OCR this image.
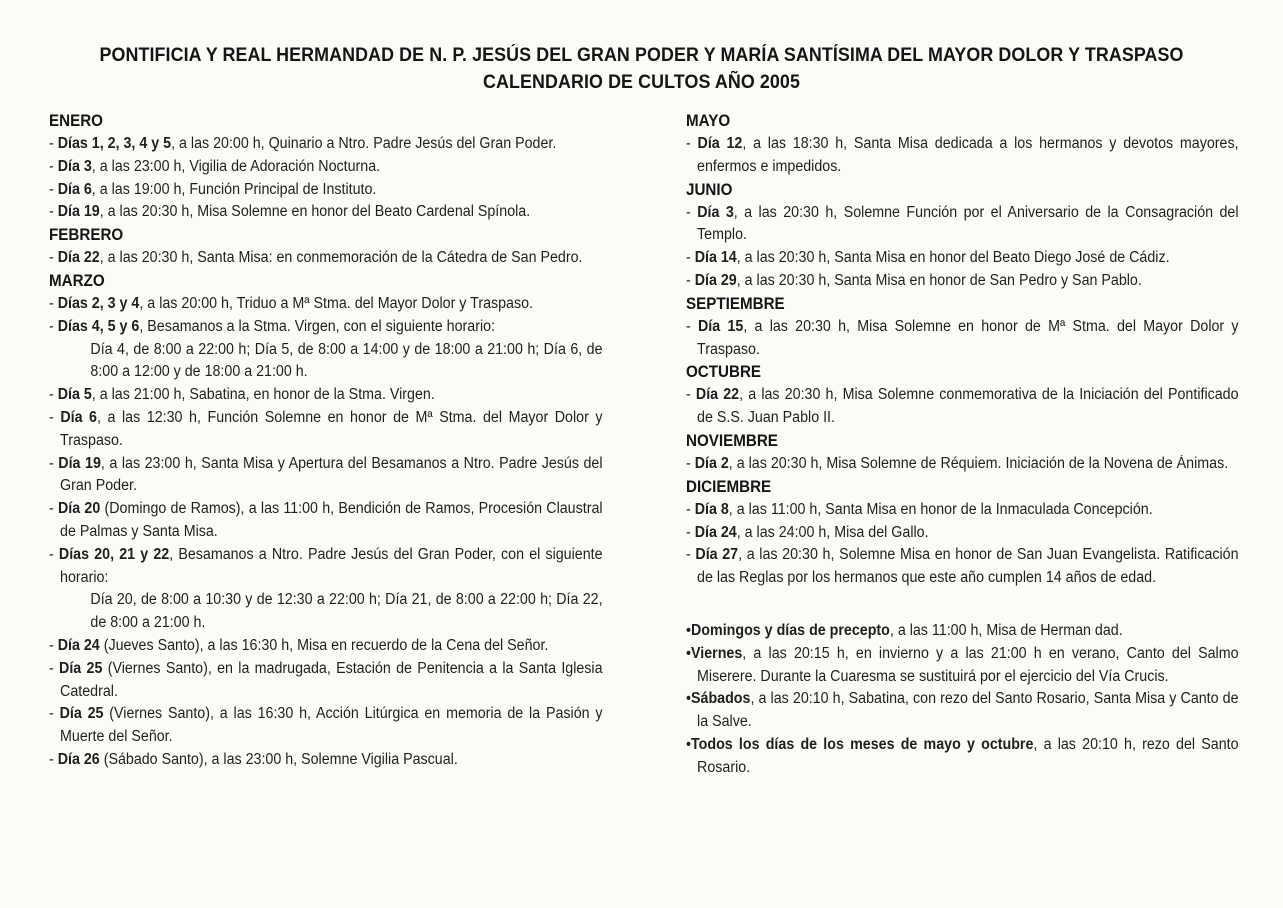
PONTIFICIA Y REAL HERMANDAD DE N. P. JESÚS DEL GRAN PODER Y MARÍA SANTÍSIMA DEL MAYOR DOLOR Y TRASPASO
CALENDARIO DE CULTOS AÑO 2005
ENERO
- Días 1, 2, 3, 4 y 5, a las 20:00 h, Quinario a Ntro. Padre Jesús del Gran Poder.
- Día 3, a las 23:00 h, Vigilia de Adoración Nocturna.
- Día 6, a las 19:00 h, Función Principal de Instituto.
- Día 19, a las 20:30 h, Misa Solemne en honor del Beato Cardenal Spínola.
FEBRERO
- Día 22, a las 20:30 h, Santa Misa: en conmemoración de la Cátedra de San Pedro.
MARZO
- Días 2, 3 y 4, a las 20:00 h, Triduo a Mª Stma. del Mayor Dolor y Traspaso.
- Días 4, 5 y 6, Besamanos a la Stma. Virgen, con el siguiente horario:
Día 4, de 8:00 a 22:00 h; Día 5, de 8:00 a 14:00 y de 18:00 a 21:00 h; Día 6, de 8:00 a 12:00 y de 18:00 a 21:00 h.
- Día 5, a las 21:00 h, Sabatina, en honor de la Stma. Virgen.
- Día 6, a las 12:30 h, Función Solemne en honor de Mª Stma. del Mayor Dolor y Traspaso.
- Día 19, a las 23:00 h, Santa Misa y Apertura del Besamanos a Ntro. Padre Jesús del Gran Poder.
- Día 20 (Domingo de Ramos), a las 11:00 h, Bendición de Ramos, Procesión Claustral de Palmas y Santa Misa.
- Días 20, 21 y 22, Besamanos a Ntro. Padre Jesús del Gran Poder, con el siguiente horario:
Día 20, de 8:00 a 10:30 y de 12:30 a 22:00 h; Día 21, de 8:00 a 22:00 h; Día 22, de 8:00 a 21:00 h.
- Día 24 (Jueves Santo), a las 16:30 h, Misa en recuerdo de la Cena del Señor.
- Día 25 (Viernes Santo), en la madrugada, Estación de Penitencia a la Santa Iglesia Catedral.
- Día 25 (Viernes Santo), a las 16:30 h, Acción Litúrgica en memoria de la Pasión y Muerte del Señor.
- Día 26 (Sábado Santo), a las 23:00 h, Solemne Vigilia Pascual.
MAYO
- Día 12, a las 18:30 h, Santa Misa dedicada a los hermanos y devotos mayores, enfermos e impedidos.
JUNIO
- Día 3, a las 20:30 h, Solemne Función por el Aniversario de la Consagración del Templo.
- Día 14, a las 20:30 h, Santa Misa en honor del Beato Diego José de Cádiz.
- Día 29, a las 20:30 h, Santa Misa en honor de San Pedro y San Pablo.
SEPTIEMBRE
- Día 15, a las 20:30 h, Misa Solemne en honor de Mª Stma. del Mayor Dolor y Traspaso.
OCTUBRE
- Día 22, a las 20:30 h, Misa Solemne conmemorativa de la Iniciación del Pontificado de S.S. Juan Pablo II.
NOVIEMBRE
- Día 2, a las 20:30 h, Misa Solemne de Réquiem. Iniciación de la Novena de Ánimas.
DICIEMBRE
- Día 8, a las 11:00 h, Santa Misa en honor de la Inmaculada Concepción.
- Día 24, a las 24:00 h, Misa del Gallo.
- Día 27, a las 20:30 h, Solemne Misa en honor de San Juan Evangelista. Ratificación de las Reglas por los hermanos que este año cumplen 14 años de edad.
• Domingos y días de precepto, a las 11:00 h, Misa de Herman dad.
• Viernes, a las 20:15 h, en invierno y a las 21:00 h en verano, Canto del Salmo Miserere. Durante la Cuaresma se sustituirá por el ejercicio del Vía Crucis.
• Sábados, a las 20:10 h, Sabatina, con rezo del Santo Rosario, Santa Misa y Canto de la Salve.
• Todos los días de los meses de mayo y octubre, a las 20:10 h, rezo del Santo Rosario.
